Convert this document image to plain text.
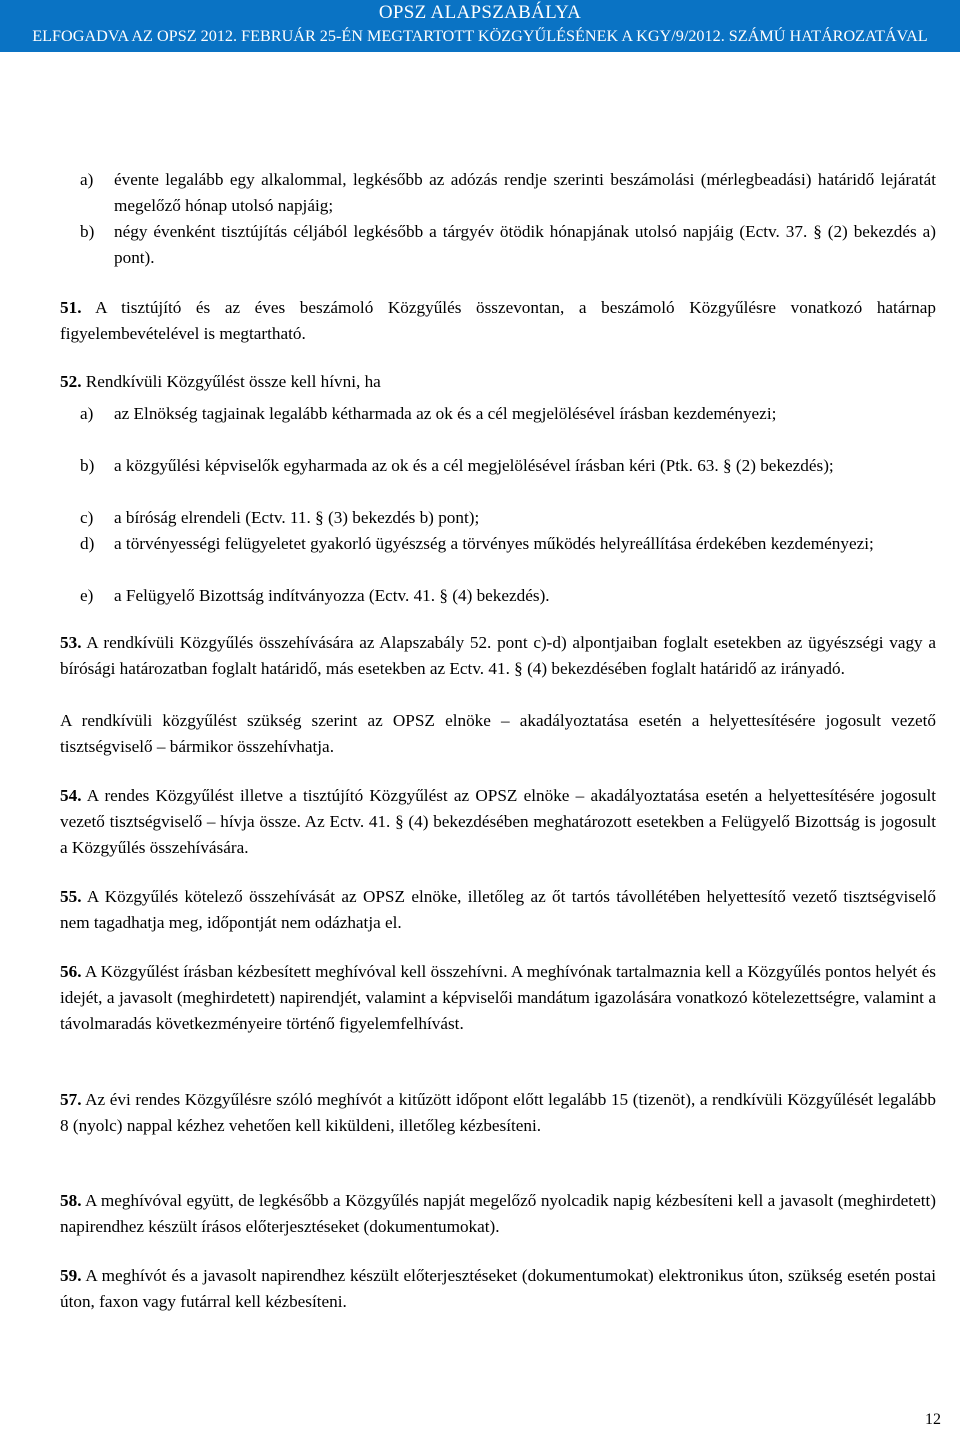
OPSZ ALAPSZABÁLYA
ELFOGADVA AZ OPSZ 2012. FEBRUÁR 25-ÉN MEGTARTOTT KÖZGYŰLÉSÉNEK A KGY/9/2012. SZÁMÚ HATÁROZATÁVAL
a)	évente legalább egy alkalommal, legkésőbb az adózás rendje szerinti beszámolási (mérlegbeadási) határidő lejáratát megelőző hónap utolsó napjáig;
b)	négy évenként tisztújítás céljából legkésőbb a tárgyév ötödik hónapjának utolsó napjáig (Ectv. 37. § (2) bekezdés a) pont).
51. A tisztújító és az éves beszámoló Közgyűlés összevontan, a beszámoló Közgyűlésre vonatkozó határnap figyelembevételével is megtartható.
52. Rendkívüli Közgyűlést össze kell hívni, ha
a)	az Elnökség tagjainak legalább kétharmada az ok és a cél megjelölésével írásban kezdeményezi;
b)	a közgyűlési képviselők egyharmada az ok és a cél megjelölésével írásban kéri (Ptk. 63. § (2) bekezdés);
c)	a bíróság elrendeli (Ectv. 11. § (3) bekezdés b) pont);
d)	a törvényességi felügyeletet gyakorló ügyészség a törvényes működés helyreállítása érdekében kezdeményezi;
e)	a Felügyelő Bizottság indítványozza (Ectv. 41. § (4) bekezdés).
53. A rendkívüli Közgyűlés összehívására az Alapszabály 52. pont c)-d) alpontjaiban foglalt esetekben az ügyészségi vagy a bírósági határozatban foglalt határidő, más esetekben az Ectv. 41. § (4) bekezdésében foglalt határidő az irányadó.
A rendkívüli közgyűlést szükség szerint az OPSZ elnöke – akadályoztatása esetén a helyettesítésére jogosult vezető tisztségviselő – bármikor összehívhatja.
54. A rendes Közgyűlést illetve a tisztújító Közgyűlést az OPSZ elnöke – akadályoztatása esetén a helyettesítésére jogosult vezető tisztségviselő – hívja össze. Az Ectv. 41. § (4) bekezdésében meghatározott esetekben a Felügyelő Bizottság is jogosult a Közgyűlés összehívására.
55. A Közgyűlés kötelező összehívását az OPSZ elnöke, illetőleg az őt tartós távollétében helyettesítő vezető tisztségviselő nem tagadhatja meg, időpontját nem odázhatja el.
56. A Közgyűlést írásban kézbesített meghívóval kell összehívni. A meghívónak tartalmaznia kell a Közgyűlés pontos helyét és idejét, a javasolt (meghirdetett) napirendjét, valamint a képviselői mandátum igazolására vonatkozó kötelezettségre, valamint a távolmaradás következményeire történő figyelemfelhívást.
57. Az évi rendes Közgyűlésre szóló meghívót a kitűzött időpont előtt legalább 15 (tizenöt), a rendkívüli Közgyűlését legalább 8 (nyolc) nappal kézhez vehetően kell kiküldeni, illetőleg kézbesíteni.
58. A meghívóval együtt, de legkésőbb a Közgyűlés napját megelőző nyolcadik napig kézbesíteni kell a javasolt (meghirdetett) napirendhez készült írásos előterjesztéseket (dokumentumokat).
59. A meghívót és a javasolt napirendhez készült előterjesztéseket (dokumentumokat) elektronikus úton, szükség esetén postai úton, faxon vagy futárral kell kézbesíteni.
12
